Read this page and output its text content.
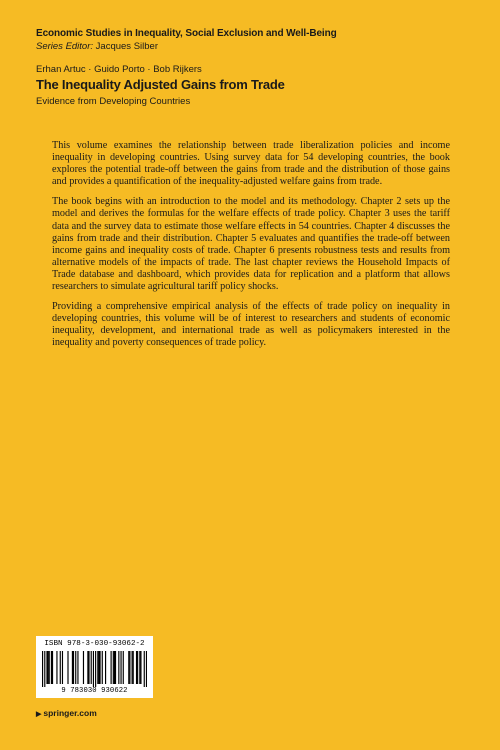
Economic Studies in Inequality, Social Exclusion and Well-Being
Series Editor: Jacques Silber
Erhan Artuc · Guido Porto · Bob Rijkers
The Inequality Adjusted Gains from Trade
Evidence from Developing Countries

This volume examines the relationship between trade liberalization policies and income inequality in developing countries. Using survey data for 54 developing countries, the book explores the potential trade-off between the gains from trade and the distribution of those gains and provides a quantification of the inequality-adjusted welfare gains from trade.

The book begins with an introduction to the model and its methodology. Chapter 2 sets up the model and derives the formulas for the welfare effects of trade policy. Chapter 3 uses the tariff data and the survey data to estimate those welfare effects in 54 countries. Chapter 4 discusses the gains from trade and their distribution. Chapter 5 evaluates and quantifies the trade-off between income gains and inequality costs of trade. Chapter 6 presents robustness tests and results from alternative models of the impacts of trade. The last chapter reviews the Household Impacts of Trade database and dashboard, which provides data for replication and a platform that allows researchers to simulate agricultural tariff policy shocks.

Providing a comprehensive empirical analysis of the effects of trade policy on inequality in developing countries, this volume will be of interest to researchers and students of economic inequality, development, and international trade as well as policymakers interested in the inequality and poverty consequences of trade policy.

ISBN 978-3-030-93062-2
9 783030 930622
▶ springer.com
